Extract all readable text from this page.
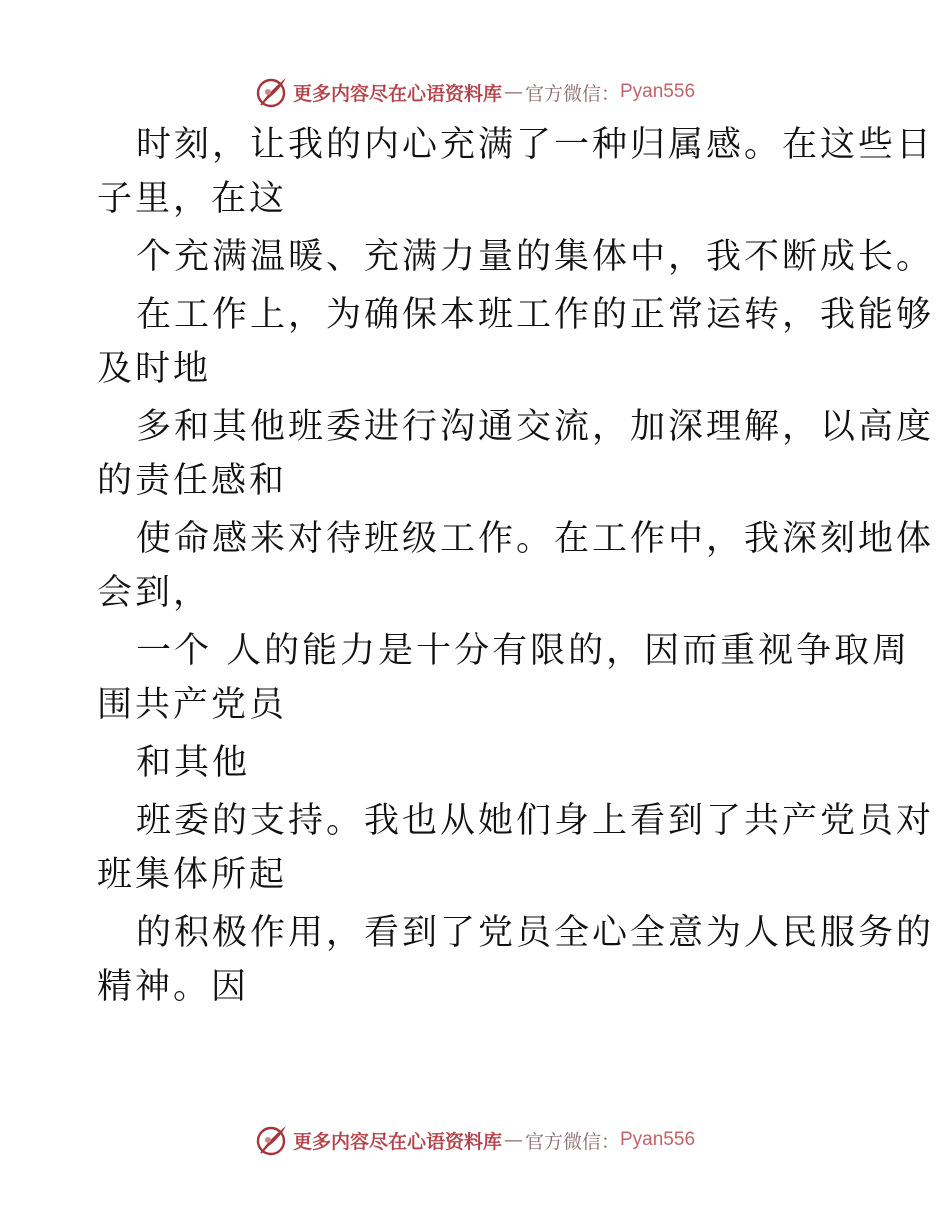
更多内容尽在心语资料库 — 官方微信： Pyan556

时刻，让我的内心充满了一种归属感。在这些日

子里，在这

个充满温暖、充满力量的集体中，我不断成长。

在工作上，为确保本班工作的正常运转，我能够

及时地

多和其他班委进行沟通交流，加深理解，以高度

的责任感和

使命感来对待班级工作。在工作中，我深刻地体

会到，

一个 人的能力是十分有限的，因而重视争取周

围共产党员

和其他

班委的支持。我也从她们身上看到了共产党员对

班集体所起

的积极作用，看到了党员全心全意为人民服务的

精神。因

更多内容尽在心语资料库 — 官方微信： Pyan556
